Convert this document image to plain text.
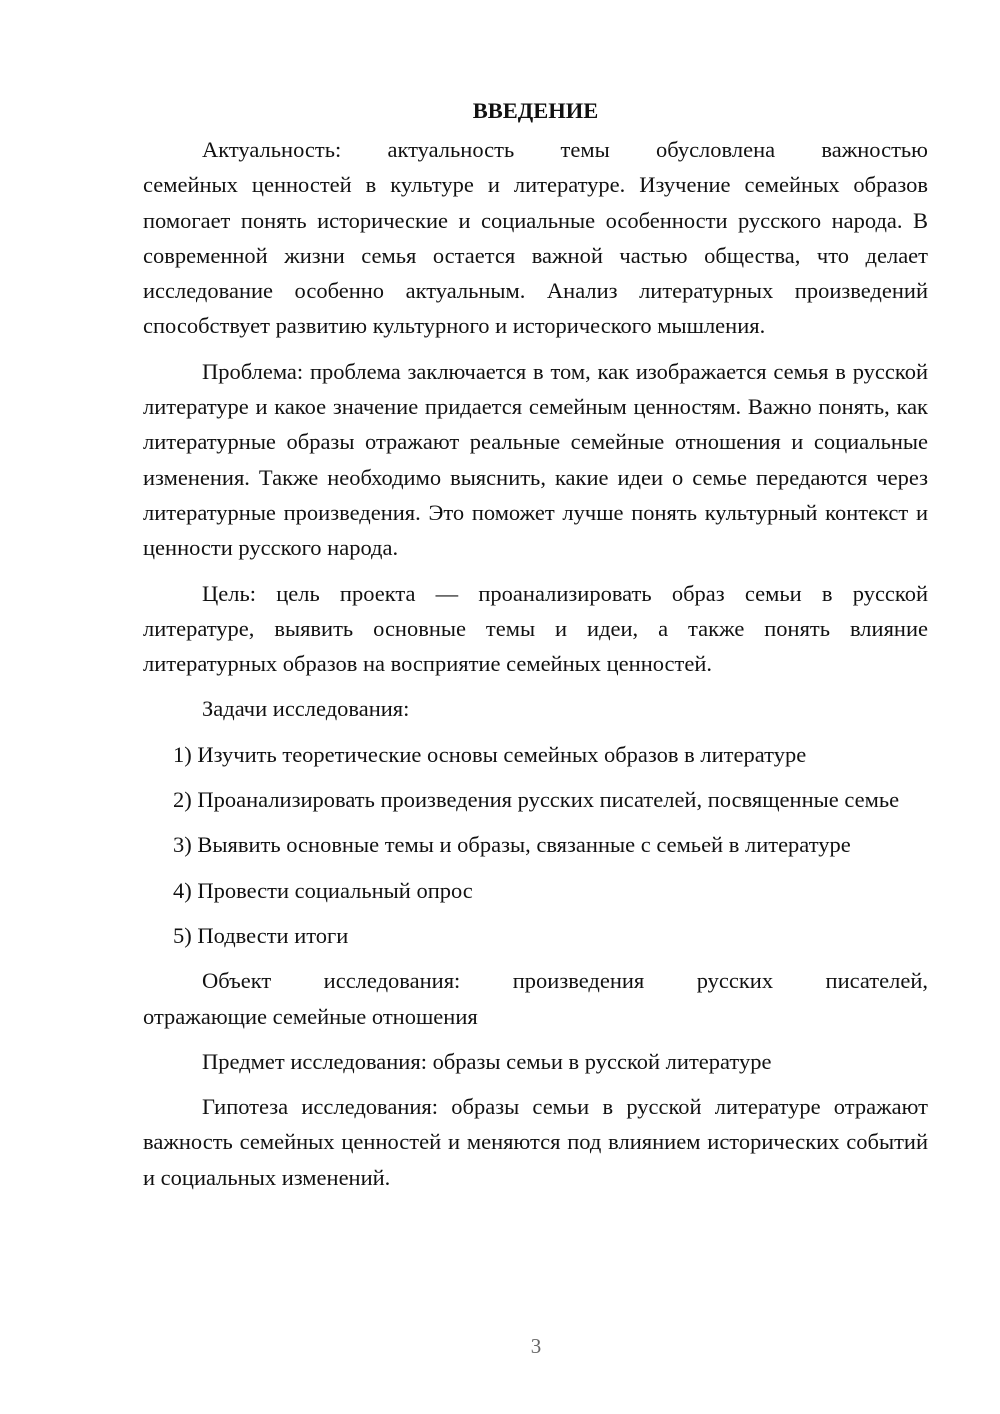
ВВЕДЕНИЕ

Актуальность: актуальность темы обусловлена важностью

семейных ценностей в культуре и литературе. Изучение семейных образов помогает понять исторические и социальные особенности русского народа. В современной жизни семья остается важной частью общества, что делает исследование особенно актуальным. Анализ литературных произведений способствует развитию культурного и исторического мышления.

Проблема: проблема заключается в том, как изображается семья в русской литературе и какое значение придается семейным ценностям. Важно понять, как литературные образы отражают реальные семейные отношения и социальные изменения. Также необходимо выяснить, какие идеи о семье передаются через литературные произведения. Это поможет лучше понять культурный контекст и ценности русского народа.

Цель: цель проекта — проанализировать образ семьи в русской литературе, выявить основные темы и идеи, а также понять влияние литературных образов на восприятие семейных ценностей.

Задачи исследования:

1) Изучить теоретические основы семейных образов в литературе

2) Проанализировать произведения русских писателей, посвященные семье

3) Выявить основные темы и образы, связанные с семьей в литературе

4) Провести социальный опрос

5) Подвести итоги

Объект исследования: произведения русских писателей,

отражающие семейные отношения

Предмет исследования: образы семьи в русской литературе

Гипотеза исследования: образы семьи в русской литературе отражают важность семейных ценностей и меняются под влиянием исторических событий и социальных изменений.

3
